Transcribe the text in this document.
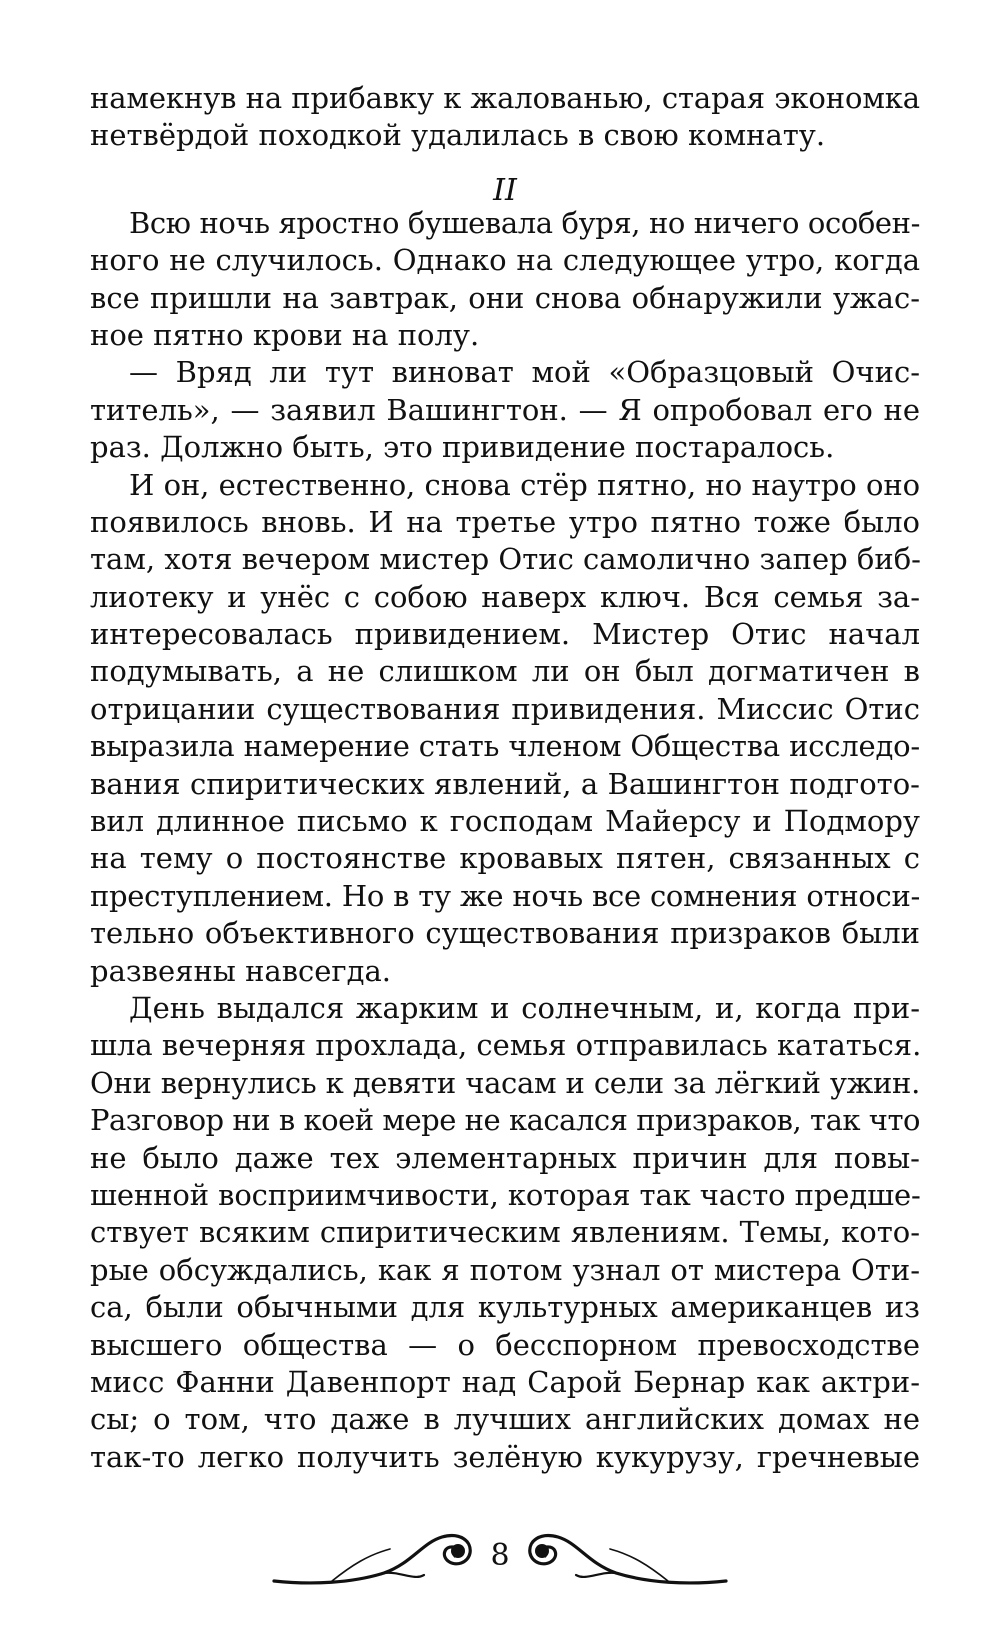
намекнув на прибавку к жалованью, старая экономка
нетвёрдой походкой удалилась в свою комнату.
II
Всю ночь яростно бушевала буря, но ничего особен-
ного не случилось. Однако на следующее утро, когда
все пришли на завтрак, они снова обнаружили ужас-
ное пятно крови на полу.
— Вряд ли тут виноват мой «Образцовый Очис-
титель», — заявил Вашингтон. — Я опробовал его не
раз. Должно быть, это привидение постаралось.
И он, естественно, снова стёр пятно, но наутро оно
появилось вновь. И на третье утро пятно тоже было
там, хотя вечером мистер Отис самолично запер биб-
лиотеку и унёс с собою наверх ключ. Вся семья за-
интересовалась привидением. Мистер Отис начал
подумывать, а не слишком ли он был догматичен в
отрицании существования привидения. Миссис Отис
выразила намерение стать членом Общества исследо-
вания спиритических явлений, а Вашингтон подгото-
вил длинное письмо к господам Майерсу и Подмору
на тему о постоянстве кровавых пятен, связанных с
преступлением. Но в ту же ночь все сомнения относи-
тельно объективного существования призраков были
развеяны навсегда.
День выдался жарким и солнечным, и, когда при-
шла вечерняя прохлада, семья отправилась кататься.
Они вернулись к девяти часам и сели за лёгкий ужин.
Разговор ни в коей мере не касался призраков, так что
не было даже тех элементарных причин для повы-
шенной восприимчивости, которая так часто предше-
ствует всяким спиритическим явлениям. Темы, кото-
рые обсуждались, как я потом узнал от мистера Оти-
са, были обычными для культурных американцев из
высшего общества — о бесспорном превосходстве
мисс Фанни Давенпорт над Сарой Бернар как актри-
сы; о том, что даже в лучших английских домах не
так-то легко получить зелёную кукурузу, гречневые
8
